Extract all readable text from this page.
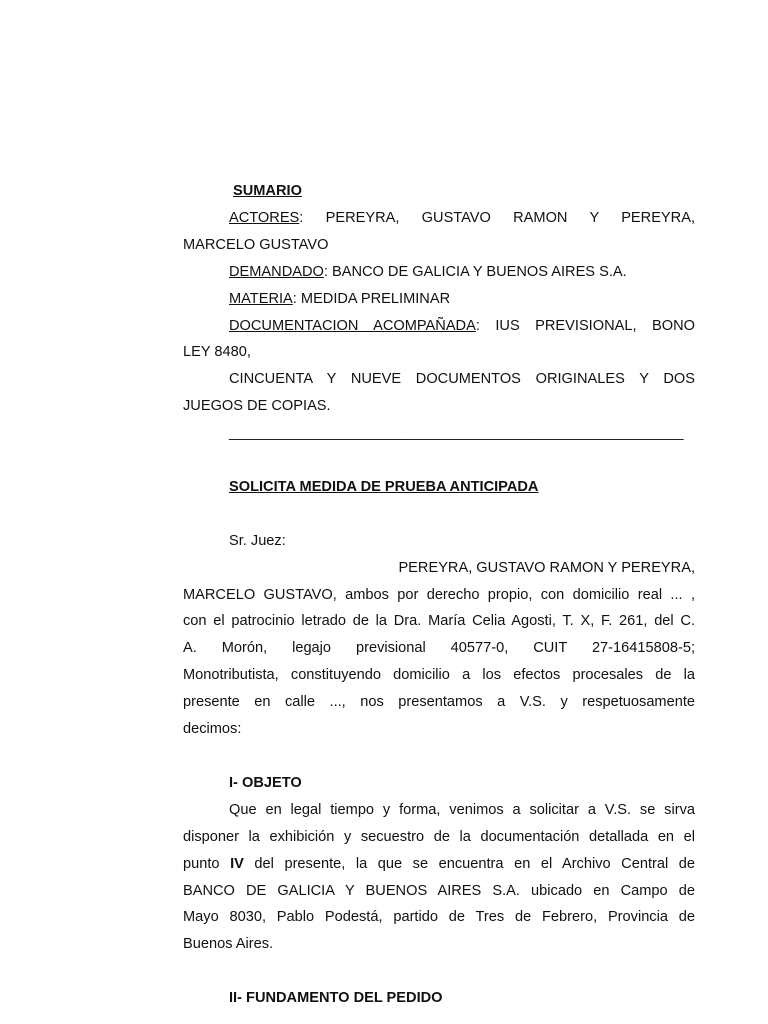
SUMARIO
ACTORES: PEREYRA, GUSTAVO RAMON Y PEREYRA,
MARCELO GUSTAVO
DEMANDADO: BANCO DE GALICIA Y BUENOS AIRES S.A.
MATERIA: MEDIDA PRELIMINAR
DOCUMENTACION ACOMPAÑADA: IUS PREVISIONAL, BONO
LEY 8480,
CINCUENTA Y NUEVE DOCUMENTOS ORIGINALES Y DOS
JUEGOS DE COPIAS.
________________________________________________________
SOLICITA MEDIDA DE PRUEBA ANTICIPADA
Sr. Juez:
PEREYRA, GUSTAVO RAMON Y PEREYRA,
MARCELO GUSTAVO, ambos por derecho propio, con domicilio real ... ,
con el patrocinio letrado de la Dra. María Celia Agosti, T. X, F. 261, del C.
A. Morón, legajo previsional 40577-0, CUIT 27-16415808-5;
Monotributista, constituyendo domicilio a los efectos procesales de la
presente en calle ..., nos presentamos a V.S. y respetuosamente
decimos:
I- OBJETO
Que en legal tiempo y forma, venimos a solicitar a V.S. se sirva
disponer la exhibición y secuestro de la documentación detallada en el
punto IV del presente, la que se encuentra en el Archivo Central de
BANCO DE GALICIA Y BUENOS AIRES S.A. ubicado en Campo de
Mayo 8030, Pablo Podestá, partido de Tres de Febrero, Provincia de
Buenos Aires.
II- FUNDAMENTO DEL PEDIDO
